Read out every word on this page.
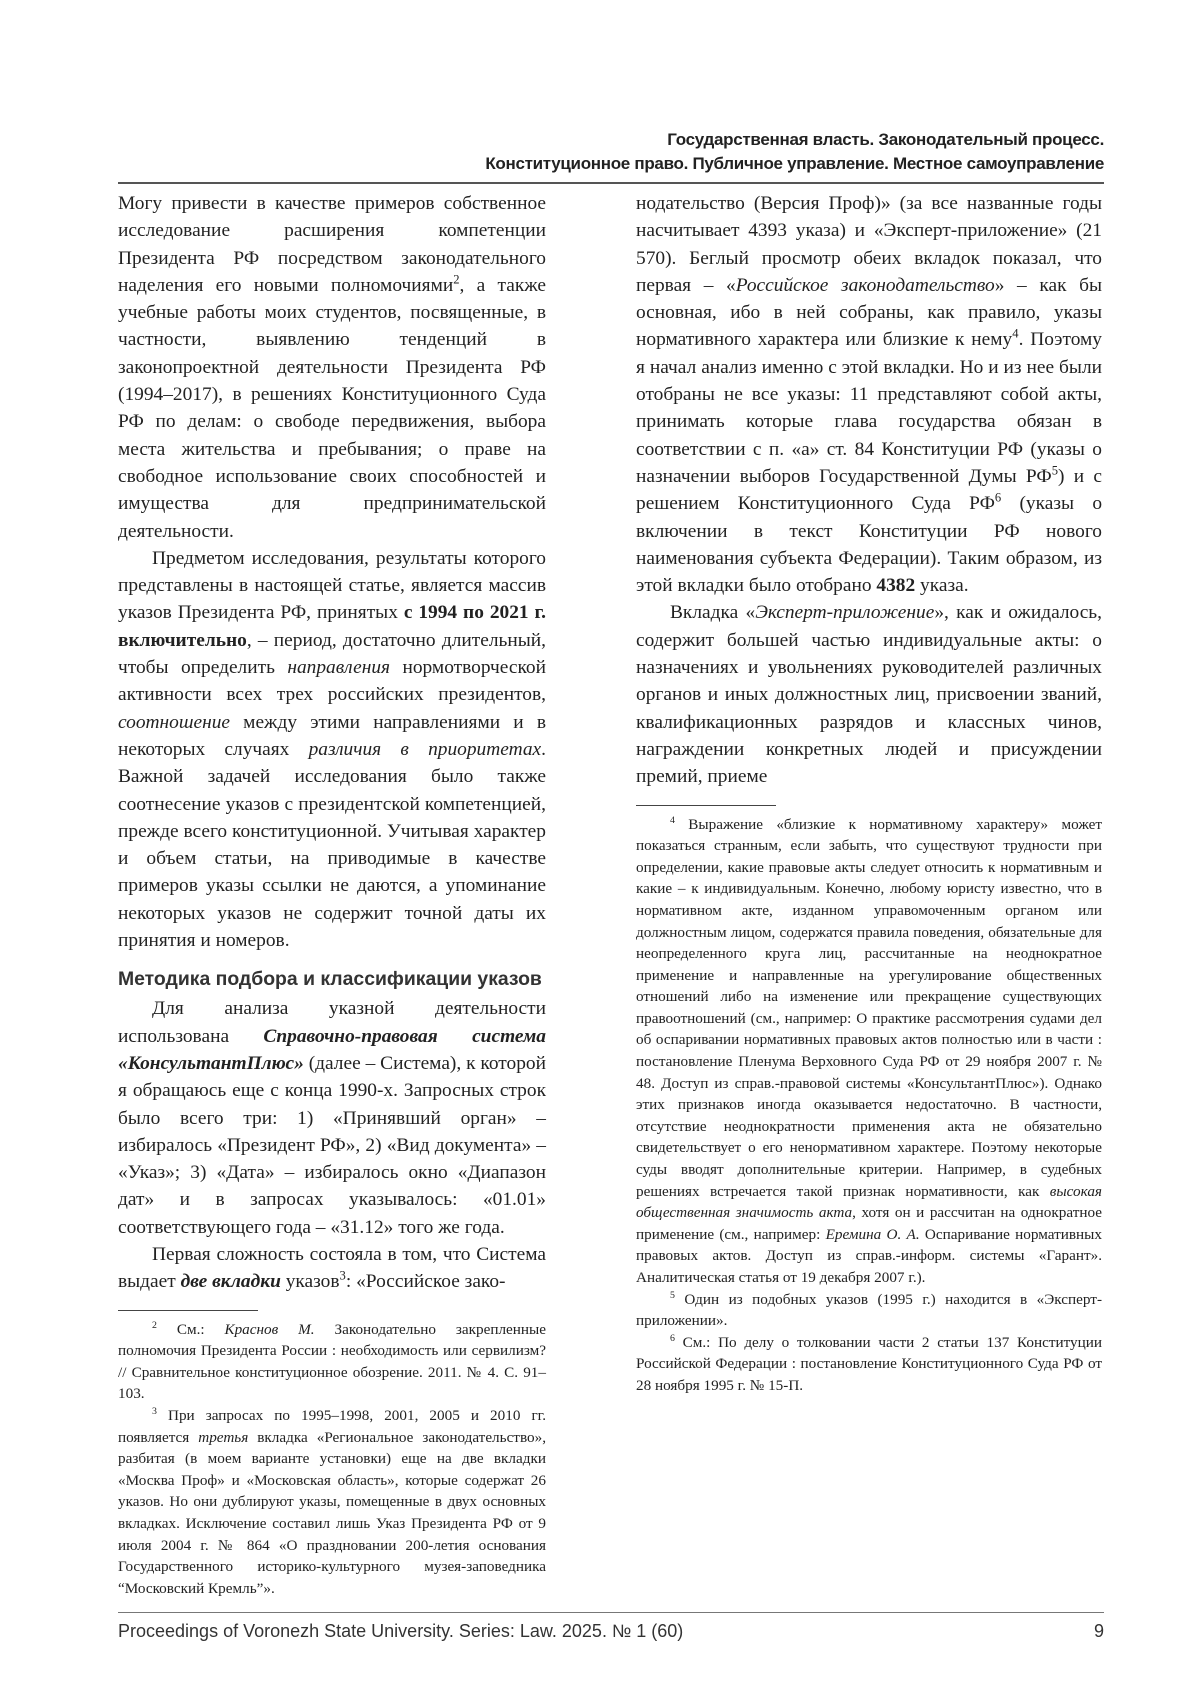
Государственная власть. Законодательный процесс.
Конституционное право. Публичное управление. Местное самоуправление

Могу привести в качестве примеров собственное исследование расширения компетенции Президента РФ посредством законодательного наделения его новыми полномочиями2, а также учебные работы моих студентов, посвященные, в частности, выявлению тенденций в законопроектной деятельности Президента РФ (1994–2017), в решениях Конституционного Суда РФ по делам: о свободе передвижения, выбора места жительства и пребывания; о праве на свободное использование своих способностей и имущества для предпринимательской деятельности.

Предметом исследования, результаты которого представлены в настоящей статье, является массив указов Президента РФ, принятых с 1994 по 2021 г. включительно, – период, достаточно длительный, чтобы определить направления нормотворческой активности всех трех российских президентов, соотношение между этими направлениями и в некоторых случаях различия в приоритетах. Важной задачей исследования было также соотнесение указов с президентской компетенцией, прежде всего конституционной. Учитывая характер и объем статьи, на приводимые в качестве примеров указы ссылки не даются, а упоминание некоторых указов не содержит точной даты их принятия и номеров.

Методика подбора и классификации указов

Для анализа указной деятельности использована Справочно-правовая система «КонсультантПлюс» (далее – Система), к которой я обращаюсь еще с конца 1990-х. Запросных строк было всего три: 1) «Принявший орган» – избиралось «Президент РФ», 2) «Вид документа» – «Указ»; 3) «Дата» – избиралось окно «Диапазон дат» и в запросах указывалось: «01.01» соответствующего года – «31.12» того же года.

Первая сложность состояла в том, что Система выдает две вкладки указов3: «Российское зако-

2 См.: Краснов М. Законодательно закрепленные полномочия Президента России : необходимость или сервилизм? // Сравнительное конституционное обозрение. 2011. № 4. С. 91–103.

3 При запросах по 1995–1998, 2001, 2005 и 2010 гг. появляется третья вкладка «Региональное законодательство», разбитая (в моем варианте установки) еще на две вкладки «Москва Проф» и «Московская область», которые содержат 26 указов. Но они дублируют указы, помещенные в двух основных вкладках. Исключение составил лишь Указ Президента РФ от 9 июля 2004 г. № 864 «О праздновании 200-летия основания Государственного историко-культурного музея-заповедника “Московский Кремль”».

нодательство (Версия Проф)» (за все названные годы насчитывает 4393 указа) и «Эксперт-приложение» (21 570). Беглый просмотр обеих вкладок показал, что первая – «Российское законодательство» – как бы основная, ибо в ней собраны, как правило, указы нормативного характера или близкие к нему4. Поэтому я начал анализ именно с этой вкладки. Но и из нее были отобраны не все указы: 11 представляют собой акты, принимать которые глава государства обязан в соответствии с п. «а» ст. 84 Конституции РФ (указы о назначении выборов Государственной Думы РФ5) и с решением Конституционного Суда РФ6 (указы о включении в текст Конституции РФ нового наименования субъекта Федерации). Таким образом, из этой вкладки было отобрано 4382 указа.

Вкладка «Эксперт-приложение», как и ожидалось, содержит большей частью индивидуальные акты: о назначениях и увольнениях руководителей различных органов и иных должностных лиц, присвоении званий, квалификационных разрядов и классных чинов, награждении конкретных людей и присуждении премий, приеме

4 Выражение «близкие к нормативному характеру» может показаться странным, если забыть, что существуют трудности при определении, какие правовые акты следует относить к нормативным и какие – к индивидуальным. Конечно, любому юристу известно, что в нормативном акте, изданном управомоченным органом или должностным лицом, содержатся правила поведения, обязательные для неопределенного круга лиц, рассчитанные на неоднократное применение и направленные на урегулирование общественных отношений либо на изменение или прекращение существующих правоотношений (см., например: О практике рассмотрения судами дел об оспаривании нормативных правовых актов полностью или в части : постановление Пленума Верховного Суда РФ от 29 ноября 2007 г. № 48. Доступ из справ.-правовой системы «КонсультантПлюс»). Однако этих признаков иногда оказывается недостаточно. В частности, отсутствие неоднократности применения акта не обязательно свидетельствует о его ненормативном характере. Поэтому некоторые суды вводят дополнительные критерии. Например, в судебных решениях встречается такой признак нормативности, как высокая общественная значимость акта, хотя он и рассчитан на однократное применение (см., например: Еремина О. А. Оспаривание нормативных правовых актов. Доступ из справ.-информ. системы «Гарант». Аналитическая статья от 19 декабря 2007 г.).

5 Один из подобных указов (1995 г.) находится в «Эксперт-приложении».

6 См.: По делу о толковании части 2 статьи 137 Конституции Российской Федерации : постановление Конституционного Суда РФ от 28 ноября 1995 г. № 15-П.

Proceedings of Voronezh State University. Series: Law. 2025. № 1 (60)	9
